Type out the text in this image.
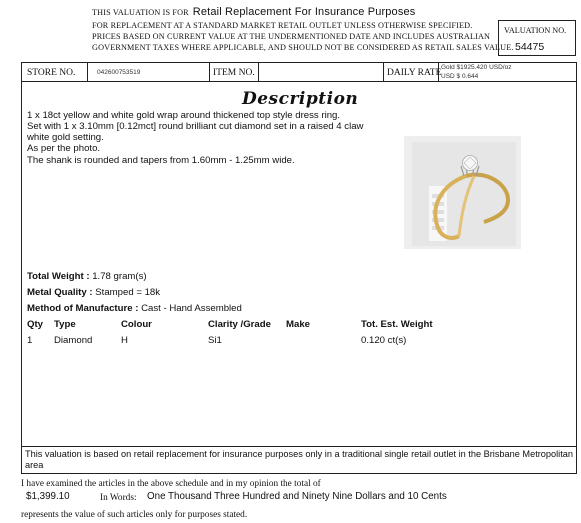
THIS VALUATION IS FOR Retail Replacement For Insurance Purposes
FOR REPLACEMENT AT A STANDARD MARKET RETAIL OUTLET UNLESS OTHERWISE SPECIFIED.
PRICES BASED ON CURRENT VALUE AT THE UNDERMENTIONED DATE AND INCLUDES AUSTRALIAN
GOVERNMENT TAXES WHERE APPLICABLE, AND SHOULD NOT BE CONSIDERED AS RETAIL SALES VALUE.
VALUATION NO.
54475
STORE NO.	042600753519	ITEM NO.	DAILY RATE
Gold $1925.420 USD/oz
USD $ 0.644
Description
1 x 18ct yellow and white gold wrap around thickened top style dress ring.
Set with 1 x 3.10mm [0.12mct] round brilliant cut diamond set in a raised 4 claw
white gold setting.
As per the photo.
The shank is rounded and tapers from 1.60mm - 1.25mm wide.
Total Weight : 1.78 gram(s)
Metal Quality : Stamped = 18k
Method of Manufacture : Cast - Hand Assembled
Qty Type	Colour	Clarity /Grade Make	Tot. Est. Weight
1 Diamond	H	Si1	0.120 ct(s)
This valuation is based on retail replacement for insurance purposes only in a traditional single retail outlet in the Brisbane Metropolitan area
I have examined the articles in the above schedule and in my opinion the total of
$1,399.10	In Words: One Thousand Three Hundred and Ninety Nine Dollars and 10 Cents
represents the value of such articles only for purposes stated.
